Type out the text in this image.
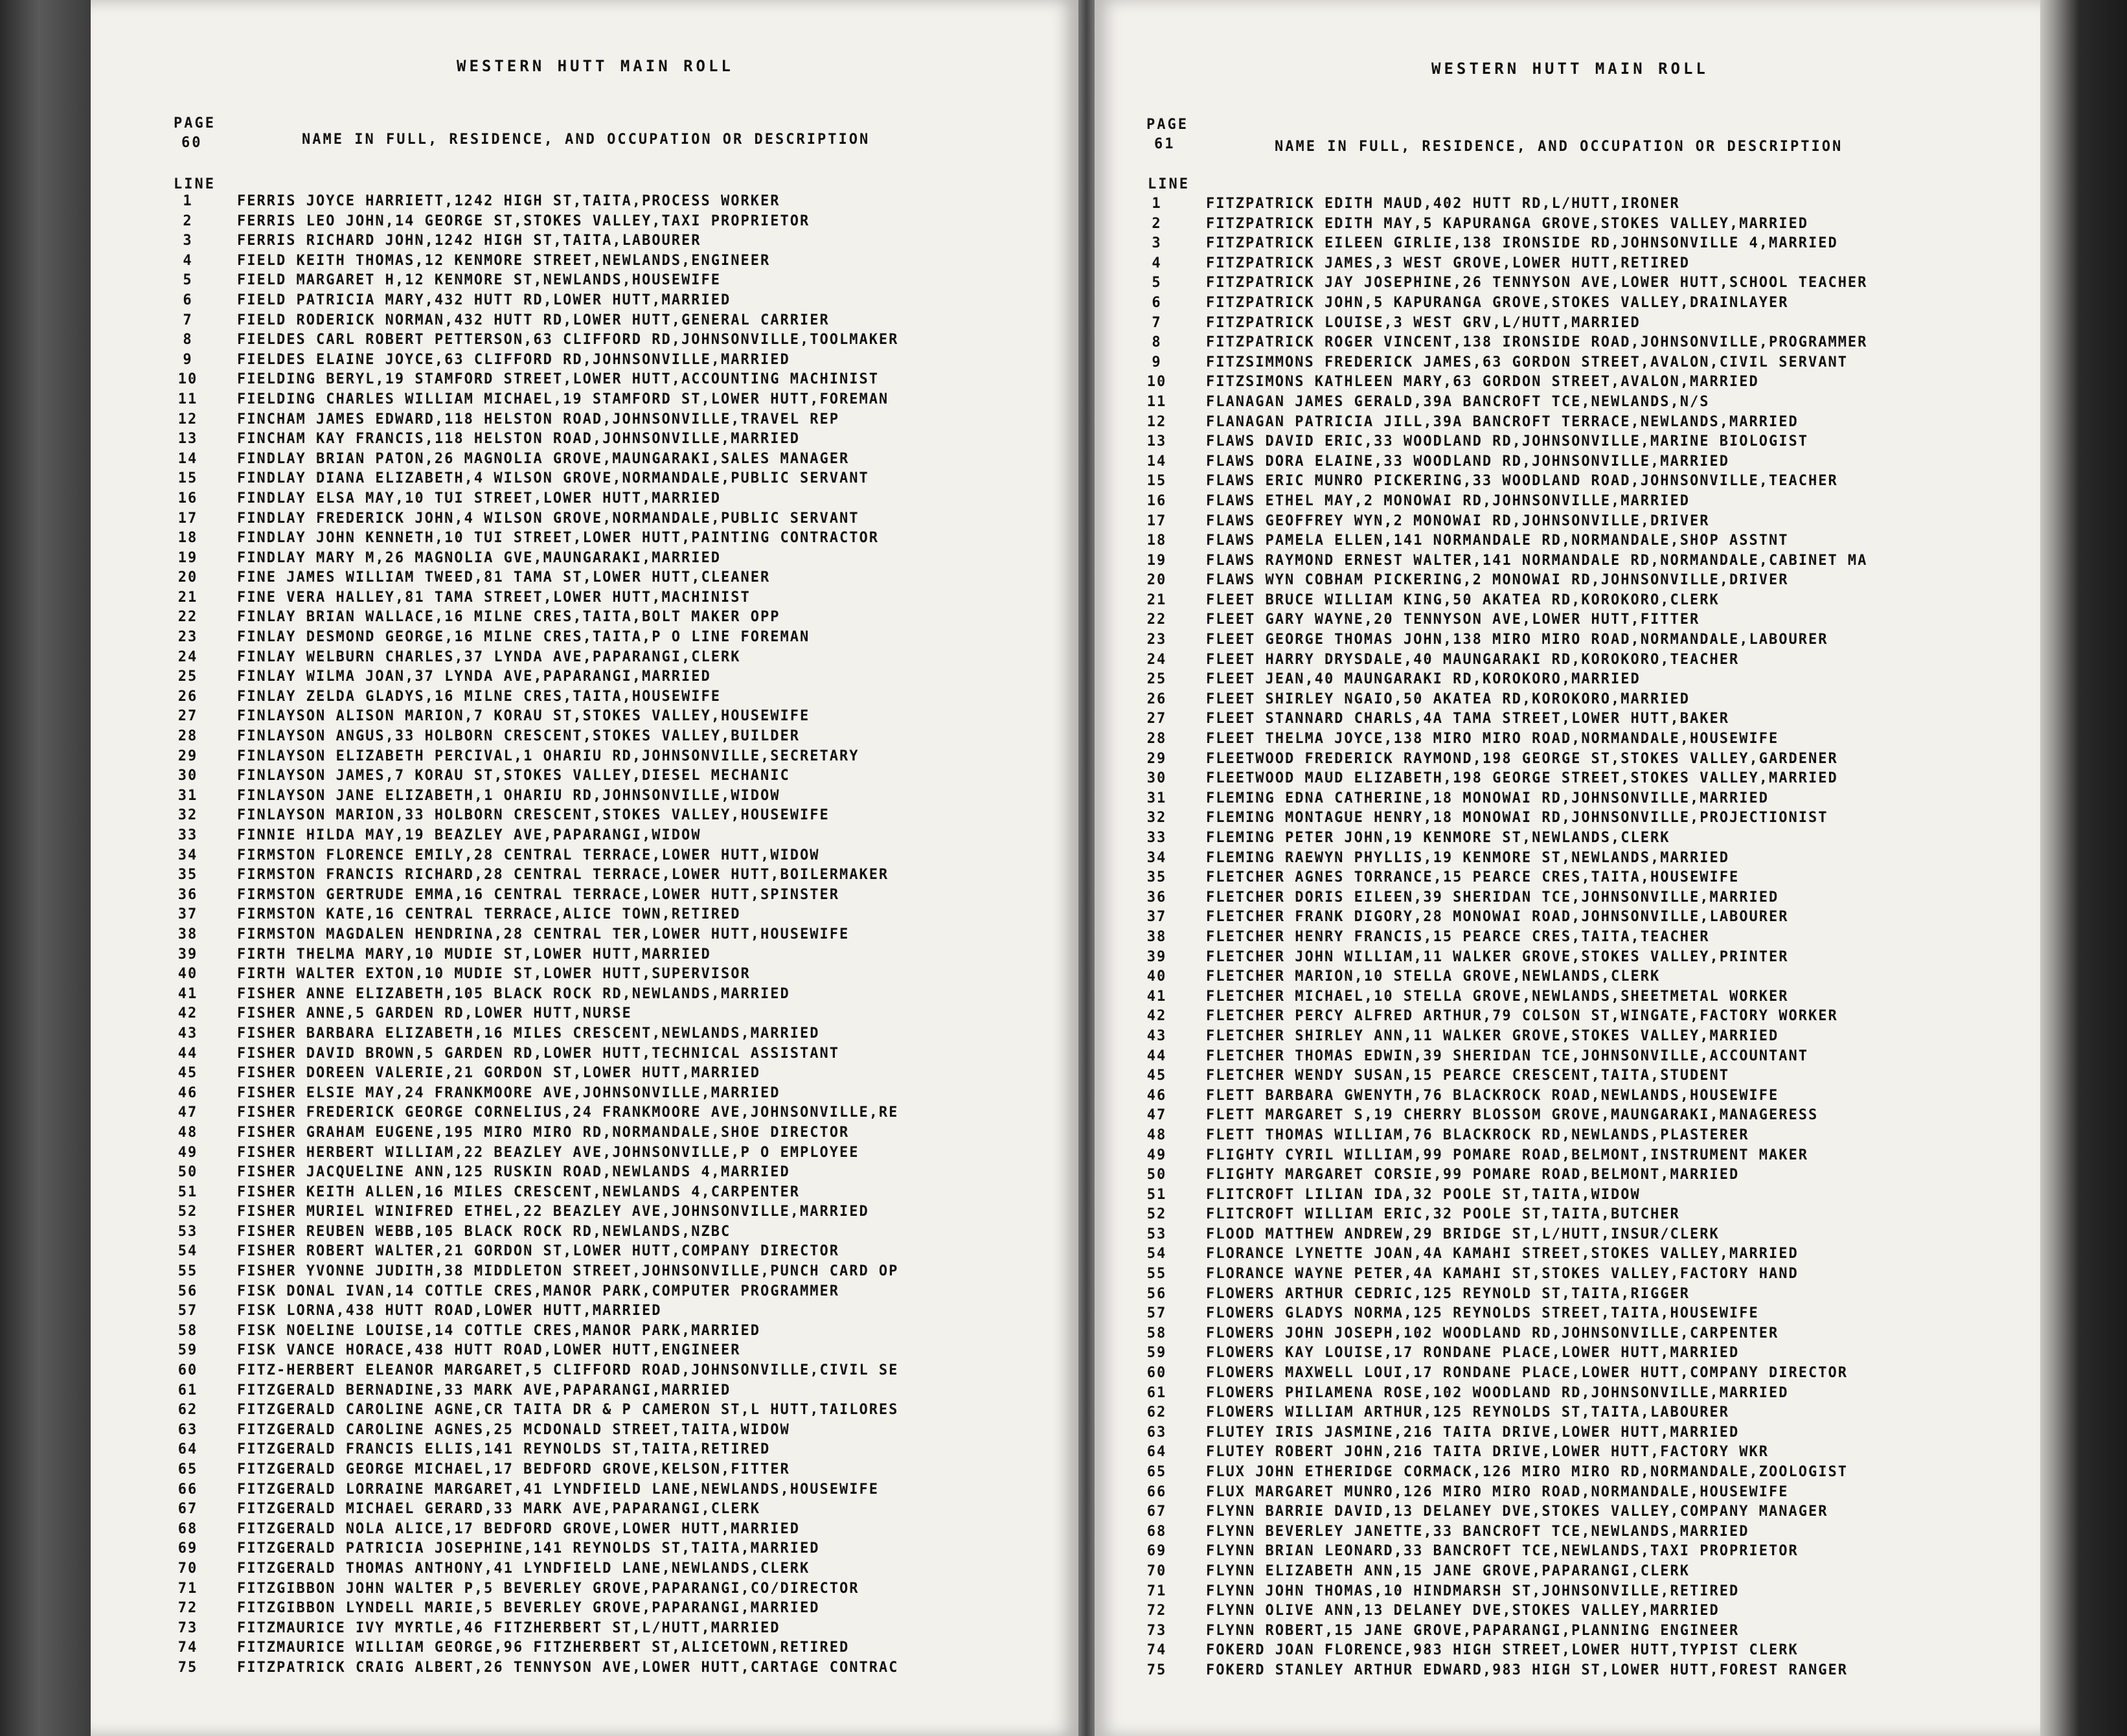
WESTERN HUTT MAIN ROLL
PAGE
60	NAME IN FULL, RESIDENCE, AND OCCUPATION OR DESCRIPTION
LINE
1	FERRIS JOYCE HARRIETT,1242 HIGH ST,TAITA,PROCESS WORKER
2	FERRIS LEO JOHN,14 GEORGE ST,STOKES VALLEY,TAXI PROPRIETOR
3	FERRIS RICHARD JOHN,1242 HIGH ST,TAITA,LABOURER
4	FIELD KEITH THOMAS,12 KENMORE STREET,NEWLANDS,ENGINEER
5	FIELD MARGARET H,12 KENMORE ST,NEWLANDS,HOUSEWIFE
6	FIELD PATRICIA MARY,432 HUTT RD,LOWER HUTT,MARRIED
7	FIELD RODERICK NORMAN,432 HUTT RD,LOWER HUTT,GENERAL CARRIER
8	FIELDES CARL ROBERT PETTERSON,63 CLIFFORD RD,JOHNSONVILLE,TOOLMAKER
9	FIELDES ELAINE JOYCE,63 CLIFFORD RD,JOHNSONVILLE,MARRIED
10	FIELDING BERYL,19 STAMFORD STREET,LOWER HUTT,ACCOUNTING MACHINIST
11	FIELDING CHARLES WILLIAM MICHAEL,19 STAMFORD ST,LOWER HUTT,FOREMAN
12	FINCHAM JAMES EDWARD,118 HELSTON ROAD,JOHNSONVILLE,TRAVEL REP
13	FINCHAM KAY FRANCIS,118 HELSTON ROAD,JOHNSONVILLE,MARRIED
14	FINDLAY BRIAN PATON,26 MAGNOLIA GROVE,MAUNGARAKI,SALES MANAGER
15	FINDLAY DIANA ELIZABETH,4 WILSON GROVE,NORMANDALE,PUBLIC SERVANT
16	FINDLAY ELSA MAY,10 TUI STREET,LOWER HUTT,MARRIED
17	FINDLAY FREDERICK JOHN,4 WILSON GROVE,NORMANDALE,PUBLIC SERVANT
18	FINDLAY JOHN KENNETH,10 TUI STREET,LOWER HUTT,PAINTING CONTRACTOR
19	FINDLAY MARY M,26 MAGNOLIA GVE,MAUNGARAKI,MARRIED
20	FINE JAMES WILLIAM TWEED,81 TAMA ST,LOWER HUTT,CLEANER
21	FINE VERA HALLEY,81 TAMA STREET,LOWER HUTT,MACHINIST
22	FINLAY BRIAN WALLACE,16 MILNE CRES,TAITA,BOLT MAKER OPP
23	FINLAY DESMOND GEORGE,16 MILNE CRES,TAITA,P O LINE FOREMAN
24	FINLAY WELBURN CHARLES,37 LYNDA AVE,PAPARANGI,CLERK
25	FINLAY WILMA JOAN,37 LYNDA AVE,PAPARANGI,MARRIED
26	FINLAY ZELDA GLADYS,16 MILNE CRES,TAITA,HOUSEWIFE
27	FINLAYSON ALISON MARION,7 KORAU ST,STOKES VALLEY,HOUSEWIFE
28	FINLAYSON ANGUS,33 HOLBORN CRESCENT,STOKES VALLEY,BUILDER
29	FINLAYSON ELIZABETH PERCIVAL,1 OHARIU RD,JOHNSONVILLE,SECRETARY
30	FINLAYSON JAMES,7 KORAU ST,STOKES VALLEY,DIESEL MECHANIC
31	FINLAYSON JANE ELIZABETH,1 OHARIU RD,JOHNSONVILLE,WIDOW
32	FINLAYSON MARION,33 HOLBORN CRESCENT,STOKES VALLEY,HOUSEWIFE
33	FINNIE HILDA MAY,19 BEAZLEY AVE,PAPARANGI,WIDOW
34	FIRMSTON FLORENCE EMILY,28 CENTRAL TERRACE,LOWER HUTT,WIDOW
35	FIRMSTON FRANCIS RICHARD,28 CENTRAL TERRACE,LOWER HUTT,BOILERMAKER
36	FIRMSTON GERTRUDE EMMA,16 CENTRAL TERRACE,LOWER HUTT,SPINSTER
37	FIRMSTON KATE,16 CENTRAL TERRACE,ALICE TOWN,RETIRED
38	FIRMSTON MAGDALEN HENDRINA,28 CENTRAL TER,LOWER HUTT,HOUSEWIFE
39	FIRTH THELMA MARY,10 MUDIE ST,LOWER HUTT,MARRIED
40	FIRTH WALTER EXTON,10 MUDIE ST,LOWER HUTT,SUPERVISOR
41	FISHER ANNE ELIZABETH,105 BLACK ROCK RD,NEWLANDS,MARRIED
42	FISHER ANNE,5 GARDEN RD,LOWER HUTT,NURSE
43	FISHER BARBARA ELIZABETH,16 MILES CRESCENT,NEWLANDS,MARRIED
44	FISHER DAVID BROWN,5 GARDEN RD,LOWER HUTT,TECHNICAL ASSISTANT
45	FISHER DOREEN VALERIE,21 GORDON ST,LOWER HUTT,MARRIED
46	FISHER ELSIE MAY,24 FRANKMOORE AVE,JOHNSONVILLE,MARRIED
47	FISHER FREDERICK GEORGE CORNELIUS,24 FRANKMOORE AVE,JOHNSONVILLE,RE
48	FISHER GRAHAM EUGENE,195 MIRO MIRO RD,NORMANDALE,SHOE DIRECTOR
49	FISHER HERBERT WILLIAM,22 BEAZLEY AVE,JOHNSONVILLE,P O EMPLOYEE
50	FISHER JACQUELINE ANN,125 RUSKIN ROAD,NEWLANDS 4,MARRIED
51	FISHER KEITH ALLEN,16 MILES CRESCENT,NEWLANDS 4,CARPENTER
52	FISHER MURIEL WINIFRED ETHEL,22 BEAZLEY AVE,JOHNSONVILLE,MARRIED
53	FISHER REUBEN WEBB,105 BLACK ROCK RD,NEWLANDS,NZBC
54	FISHER ROBERT WALTER,21 GORDON ST,LOWER HUTT,COMPANY DIRECTOR
55	FISHER YVONNE JUDITH,38 MIDDLETON STREET,JOHNSONVILLE,PUNCH CARD OP
56	FISK DONAL IVAN,14 COTTLE CRES,MANOR PARK,COMPUTER PROGRAMMER
57	FISK LORNA,438 HUTT ROAD,LOWER HUTT,MARRIED
58	FISK NOELINE LOUISE,14 COTTLE CRES,MANOR PARK,MARRIED
59	FISK VANCE HORACE,438 HUTT ROAD,LOWER HUTT,ENGINEER
60	FITZ-HERBERT ELEANOR MARGARET,5 CLIFFORD ROAD,JOHNSONVILLE,CIVIL SE
61	FITZGERALD BERNADINE,33 MARK AVE,PAPARANGI,MARRIED
62	FITZGERALD CAROLINE AGNE,CR TAITA DR & P CAMERON ST,L HUTT,TAILORES
63	FITZGERALD CAROLINE AGNES,25 MCDONALD STREET,TAITA,WIDOW
64	FITZGERALD FRANCIS ELLIS,141 REYNOLDS ST,TAITA,RETIRED
65	FITZGERALD GEORGE MICHAEL,17 BEDFORD GROVE,KELSON,FITTER
66	FITZGERALD LORRAINE MARGARET,41 LYNDFIELD LANE,NEWLANDS,HOUSEWIFE
67	FITZGERALD MICHAEL GERARD,33 MARK AVE,PAPARANGI,CLERK
68	FITZGERALD NOLA ALICE,17 BEDFORD GROVE,LOWER HUTT,MARRIED
69	FITZGERALD PATRICIA JOSEPHINE,141 REYNOLDS ST,TAITA,MARRIED
70	FITZGERALD THOMAS ANTHONY,41 LYNDFIELD LANE,NEWLANDS,CLERK
71	FITZGIBBON JOHN WALTER P,5 BEVERLEY GROVE,PAPARANGI,CO/DIRECTOR
72	FITZGIBBON LYNDELL MARIE,5 BEVERLEY GROVE,PAPARANGI,MARRIED
73	FITZMAURICE IVY MYRTLE,46 FITZHERBERT ST,L/HUTT,MARRIED
74	FITZMAURICE WILLIAM GEORGE,96 FITZHERBERT ST,ALICETOWN,RETIRED
75	FITZPATRICK CRAIG ALBERT,26 TENNYSON AVE,LOWER HUTT,CARTAGE CONTRAC
WESTERN HUTT MAIN ROLL
PAGE
61	NAME IN FULL, RESIDENCE, AND OCCUPATION OR DESCRIPTION
LINE
1	FITZPATRICK EDITH MAUD,402 HUTT RD,L/HUTT,IRONER
2	FITZPATRICK EDITH MAY,5 KAPURANGA GROVE,STOKES VALLEY,MARRIED
3	FITZPATRICK EILEEN GIRLIE,138 IRONSIDE RD,JOHNSONVILLE 4,MARRIED
4	FITZPATRICK JAMES,3 WEST GROVE,LOWER HUTT,RETIRED
5	FITZPATRICK JAY JOSEPHINE,26 TENNYSON AVE,LOWER HUTT,SCHOOL TEACHER
6	FITZPATRICK JOHN,5 KAPURANGA GROVE,STOKES VALLEY,DRAINLAYER
7	FITZPATRICK LOUISE,3 WEST GRV,L/HUTT,MARRIED
8	FITZPATRICK ROGER VINCENT,138 IRONSIDE ROAD,JOHNSONVILLE,PROGRAMMER
9	FITZSIMMONS FREDERICK JAMES,63 GORDON STREET,AVALON,CIVIL SERVANT
10	FITZSIMONS KATHLEEN MARY,63 GORDON STREET,AVALON,MARRIED
11	FLANAGAN JAMES GERALD,39A BANCROFT TCE,NEWLANDS,N/S
12	FLANAGAN PATRICIA JILL,39A BANCROFT TERRACE,NEWLANDS,MARRIED
13	FLAWS DAVID ERIC,33 WOODLAND RD,JOHNSONVILLE,MARINE BIOLOGIST
14	FLAWS DORA ELAINE,33 WOODLAND RD,JOHNSONVILLE,MARRIED
15	FLAWS ERIC MUNRO PICKERING,33 WOODLAND ROAD,JOHNSONVILLE,TEACHER
16	FLAWS ETHEL MAY,2 MONOWAI RD,JOHNSONVILLE,MARRIED
17	FLAWS GEOFFREY WYN,2 MONOWAI RD,JOHNSONVILLE,DRIVER
18	FLAWS PAMELA ELLEN,141 NORMANDALE RD,NORMANDALE,SHOP ASSTNT
19	FLAWS RAYMOND ERNEST WALTER,141 NORMANDALE RD,NORMANDALE,CABINET MA
20	FLAWS WYN COBHAM PICKERING,2 MONOWAI RD,JOHNSONVILLE,DRIVER
21	FLEET BRUCE WILLIAM KING,50 AKATEA RD,KOROKORO,CLERK
22	FLEET GARY WAYNE,20 TENNYSON AVE,LOWER HUTT,FITTER
23	FLEET GEORGE THOMAS JOHN,138 MIRO MIRO ROAD,NORMANDALE,LABOURER
24	FLEET HARRY DRYSDALE,40 MAUNGARAKI RD,KOROKORO,TEACHER
25	FLEET JEAN,40 MAUNGARAKI RD,KOROKORO,MARRIED
26	FLEET SHIRLEY NGAIO,50 AKATEA RD,KOROKORO,MARRIED
27	FLEET STANNARD CHARLS,4A TAMA STREET,LOWER HUTT,BAKER
28	FLEET THELMA JOYCE,138 MIRO MIRO ROAD,NORMANDALE,HOUSEWIFE
29	FLEETWOOD FREDERICK RAYMOND,198 GEORGE ST,STOKES VALLEY,GARDENER
30	FLEETWOOD MAUD ELIZABETH,198 GEORGE STREET,STOKES VALLEY,MARRIED
31	FLEMING EDNA CATHERINE,18 MONOWAI RD,JOHNSONVILLE,MARRIED
32	FLEMING MONTAGUE HENRY,18 MONOWAI RD,JOHNSONVILLE,PROJECTIONIST
33	FLEMING PETER JOHN,19 KENMORE ST,NEWLANDS,CLERK
34	FLEMING RAEWYN PHYLLIS,19 KENMORE ST,NEWLANDS,MARRIED
35	FLETCHER AGNES TORRANCE,15 PEARCE CRES,TAITA,HOUSEWIFE
36	FLETCHER DORIS EILEEN,39 SHERIDAN TCE,JOHNSONVILLE,MARRIED
37	FLETCHER FRANK DIGORY,28 MONOWAI ROAD,JOHNSONVILLE,LABOURER
38	FLETCHER HENRY FRANCIS,15 PEARCE CRES,TAITA,TEACHER
39	FLETCHER JOHN WILLIAM,11 WALKER GROVE,STOKES VALLEY,PRINTER
40	FLETCHER MARION,10 STELLA GROVE,NEWLANDS,CLERK
41	FLETCHER MICHAEL,10 STELLA GROVE,NEWLANDS,SHEETMETAL WORKER
42	FLETCHER PERCY ALFRED ARTHUR,79 COLSON ST,WINGATE,FACTORY WORKER
43	FLETCHER SHIRLEY ANN,11 WALKER GROVE,STOKES VALLEY,MARRIED
44	FLETCHER THOMAS EDWIN,39 SHERIDAN TCE,JOHNSONVILLE,ACCOUNTANT
45	FLETCHER WENDY SUSAN,15 PEARCE CRESCENT,TAITA,STUDENT
46	FLETT BARBARA GWENYTH,76 BLACKROCK ROAD,NEWLANDS,HOUSEWIFE
47	FLETT MARGARET S,19 CHERRY BLOSSOM GROVE,MAUNGARAKI,MANAGERESS
48	FLETT THOMAS WILLIAM,76 BLACKROCK RD,NEWLANDS,PLASTERER
49	FLIGHTY CYRIL WILLIAM,99 POMARE ROAD,BELMONT,INSTRUMENT MAKER
50	FLIGHTY MARGARET CORSIE,99 POMARE ROAD,BELMONT,MARRIED
51	FLITCROFT LILIAN IDA,32 POOLE ST,TAITA,WIDOW
52	FLITCROFT WILLIAM ERIC,32 POOLE ST,TAITA,BUTCHER
53	FLOOD MATTHEW ANDREW,29 BRIDGE ST,L/HUTT,INSUR/CLERK
54	FLORANCE LYNETTE JOAN,4A KAMAHI STREET,STOKES VALLEY,MARRIED
55	FLORANCE WAYNE PETER,4A KAMAHI ST,STOKES VALLEY,FACTORY HAND
56	FLOWERS ARTHUR CEDRIC,125 REYNOLD ST,TAITA,RIGGER
57	FLOWERS GLADYS NORMA,125 REYNOLDS STREET,TAITA,HOUSEWIFE
58	FLOWERS JOHN JOSEPH,102 WOODLAND RD,JOHNSONVILLE,CARPENTER
59	FLOWERS KAY LOUISE,17 RONDANE PLACE,LOWER HUTT,MARRIED
60	FLOWERS MAXWELL LOUI,17 RONDANE PLACE,LOWER HUTT,COMPANY DIRECTOR
61	FLOWERS PHILAMENA ROSE,102 WOODLAND RD,JOHNSONVILLE,MARRIED
62	FLOWERS WILLIAM ARTHUR,125 REYNOLDS ST,TAITA,LABOURER
63	FLUTEY IRIS JASMINE,216 TAITA DRIVE,LOWER HUTT,MARRIED
64	FLUTEY ROBERT JOHN,216 TAITA DRIVE,LOWER HUTT,FACTORY WKR
65	FLUX JOHN ETHERIDGE CORMACK,126 MIRO MIRO RD,NORMANDALE,ZOOLOGIST
66	FLUX MARGARET MUNRO,126 MIRO MIRO ROAD,NORMANDALE,HOUSEWIFE
67	FLYNN BARRIE DAVID,13 DELANEY DVE,STOKES VALLEY,COMPANY MANAGER
68	FLYNN BEVERLEY JANETTE,33 BANCROFT TCE,NEWLANDS,MARRIED
69	FLYNN BRIAN LEONARD,33 BANCROFT TCE,NEWLANDS,TAXI PROPRIETOR
70	FLYNN ELIZABETH ANN,15 JANE GROVE,PAPARANGI,CLERK
71	FLYNN JOHN THOMAS,10 HINDMARSH ST,JOHNSONVILLE,RETIRED
72	FLYNN OLIVE ANN,13 DELANEY DVE,STOKES VALLEY,MARRIED
73	FLYNN ROBERT,15 JANE GROVE,PAPARANGI,PLANNING ENGINEER
74	FOKERD JOAN FLORENCE,983 HIGH STREET,LOWER HUTT,TYPIST CLERK
75	FOKERD STANLEY ARTHUR EDWARD,983 HIGH ST,LOWER HUTT,FOREST RANGER
